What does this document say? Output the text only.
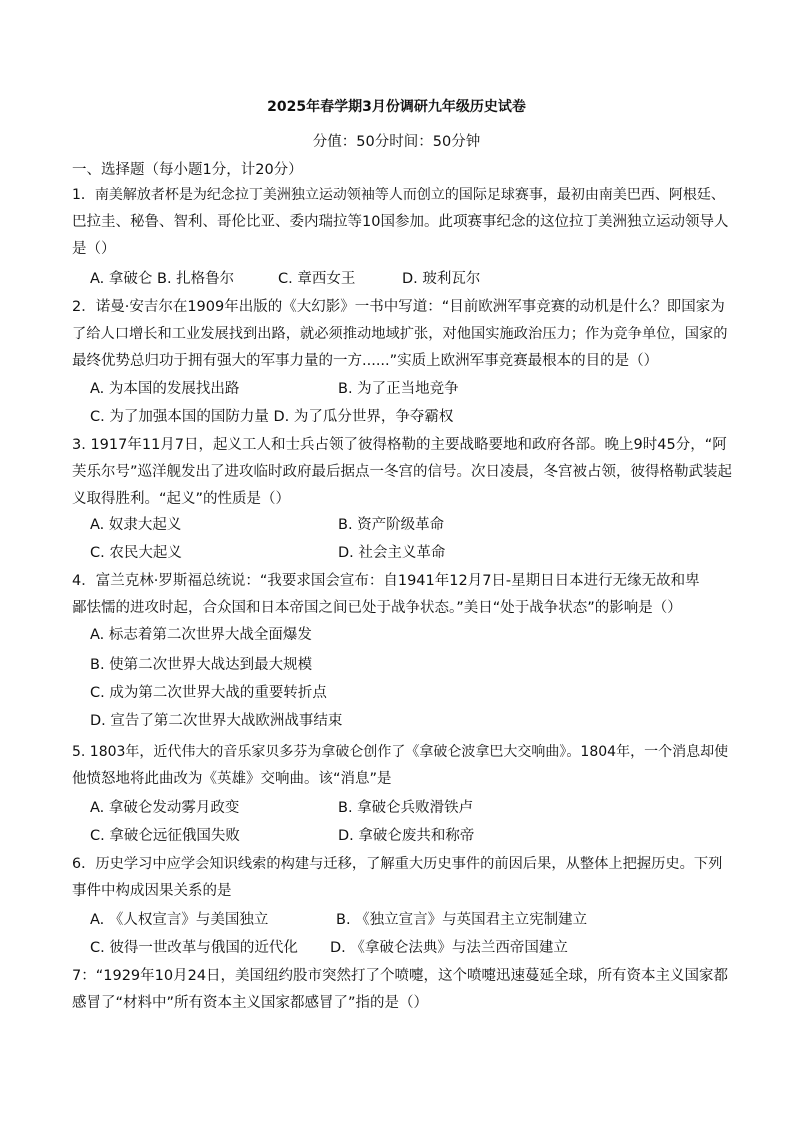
2025年春学期3月份调研九年级历史试卷
分值：50分时间：50分钟
一、选择题（每小题1分，计20分）
1．南美解放者杯是为纪念拉丁美洲独立运动领袖等人而创立的国际足球赛事，最初由南美巴西、阿根廷、
巴拉圭、秘鲁、智利、哥伦比亚、委内瑞拉等10国参加。此项赛事纪念的这位拉丁美洲独立运动领导人
是（）
A. 拿破仑 B. 扎格鲁尔	C. 章西女王	D. 玻利瓦尔
2．诺曼·安吉尔在1909年出版的《大幻影》一书中写道：“目前欧洲军事竞赛的动机是什么？即国家为
了给人口增长和工业发展找到出路，就必须推动地域扩张，对他国实施政治压力；作为竞争单位，国家的
最终优势总归功于拥有强大的军事力量的一方......”实质上欧洲军事竞赛最根本的目的是（）
A. 为本国的发展找出路	B. 为了正当地竞争
C. 为了加强本国的国防力量 D. 为了瓜分世界，争夺霸权
3. 1917年11月7日，起义工人和士兵占领了彼得格勒的主要战略要地和政府各部。晚上9时45分，“阿
芙乐尔号”巡洋舰发出了进攻临时政府最后据点一冬宫的信号。次日凌晨，冬宫被占领，彼得格勒武装起
义取得胜利。“起义”的性质是（）
A. 奴隶大起义	B. 资产阶级革命
C. 农民大起义	D. 社会主义革命
4．富兰克林·罗斯福总统说：“我要求国会宣布：自1941年12月7日-星期日日本进行无缘无故和卑
鄙怯懦的进攻时起，合众国和日本帝国之间已处于战争状态。”美日“处于战争状态”的影响是（）
A. 标志着第二次世界大战全面爆发
B. 使第二次世界大战达到最大规模
C. 成为第二次世界大战的重要转折点
D. 宣告了第二次世界大战欧洲战事结束
5. 1803年，近代伟大的音乐家贝多芬为拿破仑创作了《拿破仑波拿巴大交响曲》。1804年，一个消息却使
他愤怒地将此曲改为《英雄》交响曲。该“消息”是
A. 拿破仑发动雾月政变	B. 拿破仑兵败滑铁卢
C. 拿破仑远征俄国失败	D. 拿破仑废共和称帝
6．历史学习中应学会知识线索的构建与迁移，了解重大历史事件的前因后果，从整体上把握历史。下列
事件中构成因果关系的是
A. 《人权宣言》与美国独立	B. 《独立宣言》与英国君主立宪制建立
C. 彼得一世改革与俄国的近代化 D. 《拿破仑法典》与法兰西帝国建立
7：“1929年10月24日，美国纽约股市突然打了个喷嚏，这个喷嚏迅速蔓延全球，所有资本主义国家都
感冒了“材料中”所有资本主义国家都感冒了”指的是（）
